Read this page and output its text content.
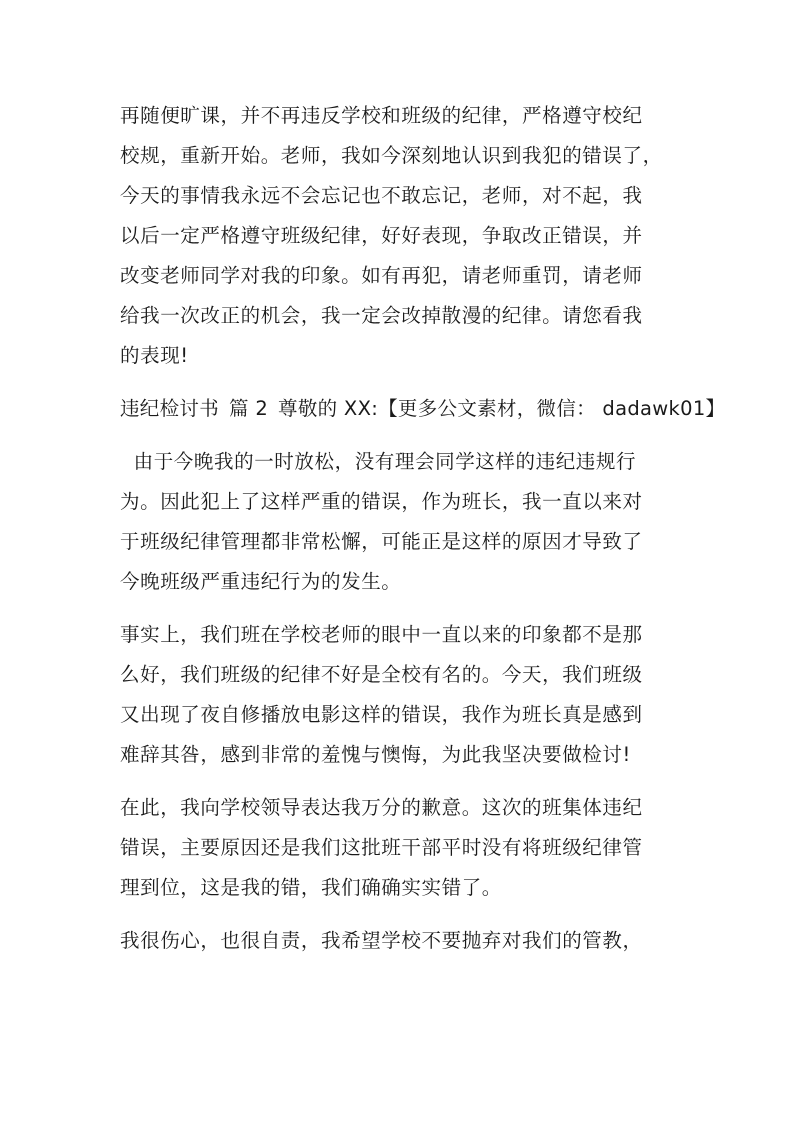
再随便旷课，并不再违反学校和班级的纪律，严格遵守校纪
校规，重新开始。老师，我如今深刻地认识到我犯的错误了，
今天的事情我永远不会忘记也不敢忘记，老师，对不起，我
以后一定严格遵守班级纪律，好好表现，争取改正错误，并
改变老师同学对我的印象。如有再犯，请老师重罚，请老师
给我一次改正的机会，我一定会改掉散漫的纪律。请您看我
的表现!
违纪检讨书 篇 2 尊敬的 XX:【更多公文素材，微信： dadawk01】
由于今晚我的一时放松，没有理会同学这样的违纪违规行
为。因此犯上了这样严重的错误，作为班长，我一直以来对
于班级纪律管理都非常松懈，可能正是这样的原因才导致了
今晚班级严重违纪行为的发生。
事实上，我们班在学校老师的眼中一直以来的印象都不是那
么好，我们班级的纪律不好是全校有名的。今天，我们班级
又出现了夜自修播放电影这样的错误，我作为班长真是感到
难辞其咎，感到非常的羞愧与懊悔，为此我坚决要做检讨!
在此，我向学校领导表达我万分的歉意。这次的班集体违纪
错误，主要原因还是我们这批班干部平时没有将班级纪律管
理到位，这是我的错，我们确确实实错了。
我很伤心，也很自责，我希望学校不要抛弃对我们的管教，
